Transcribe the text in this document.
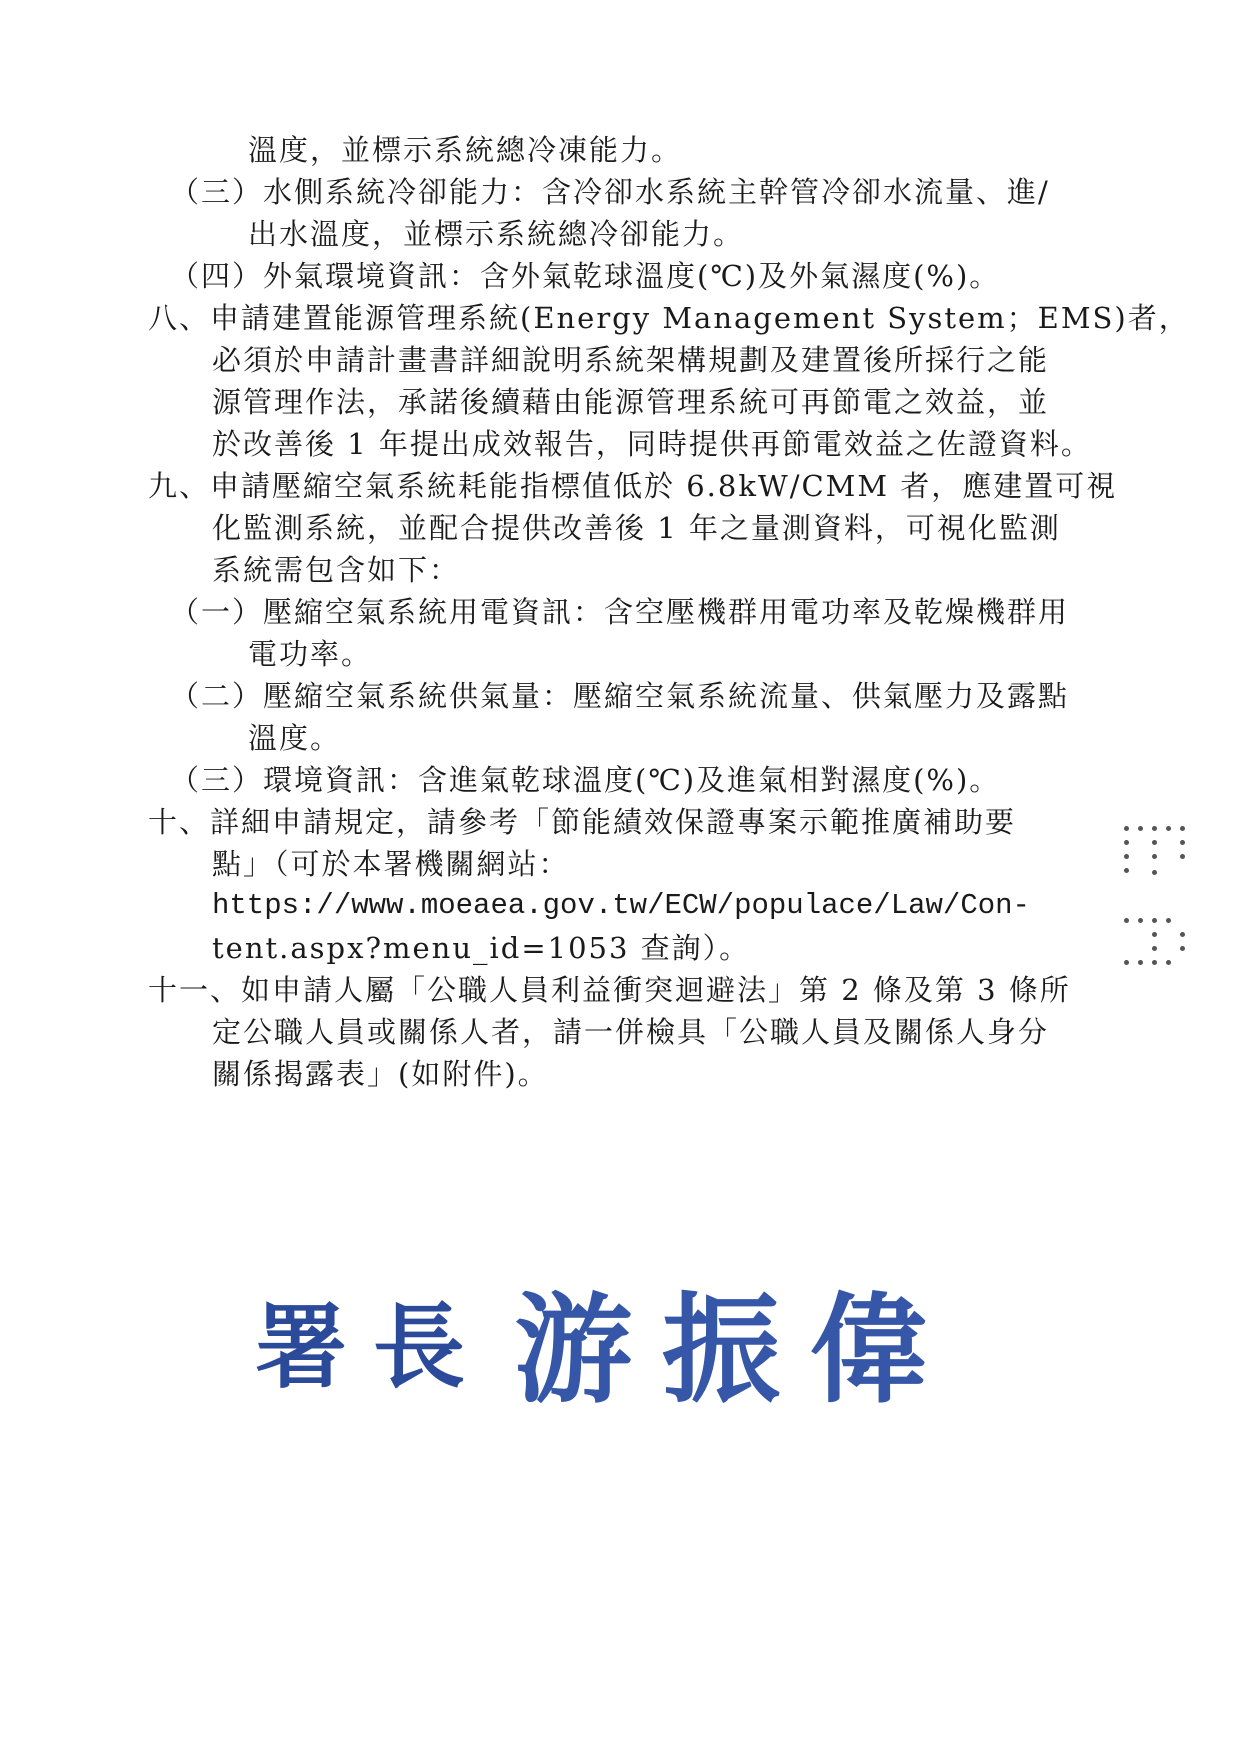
溫度，並標示系統總冷凍能力。
（三）水側系統冷卻能力：含冷卻水系統主幹管冷卻水流量、進/
出水溫度，並標示系統總冷卻能力。
（四）外氣環境資訊：含外氣乾球溫度(℃)及外氣濕度(%)。
八、申請建置能源管理系統(Energy Management System；EMS)者，
必須於申請計畫書詳細說明系統架構規劃及建置後所採行之能
源管理作法，承諾後續藉由能源管理系統可再節電之效益，並
於改善後 1 年提出成效報告，同時提供再節電效益之佐證資料。
九、申請壓縮空氣系統耗能指標值低於 6.8kW/CMM 者，應建置可視
化監測系統，並配合提供改善後 1 年之量測資料，可視化監測
系統需包含如下：
（一）壓縮空氣系統用電資訊：含空壓機群用電功率及乾燥機群用
電功率。
（二）壓縮空氣系統供氣量：壓縮空氣系統流量、供氣壓力及露點
溫度。
（三）環境資訊：含進氣乾球溫度(℃)及進氣相對濕度(%)。
十、詳細申請規定，請參考「節能績效保證專案示範推廣補助要
點」（可於本署機關網站：
https://www.moeaea.gov.tw/ECW/populace/Law/Con-
tent.aspx?menu_id=1053 查詢）。
十一、如申請人屬「公職人員利益衝突迴避法」第 2 條及第 3 條所
定公職人員或關係人者，請一併檢具「公職人員及關係人身分
關係揭露表」(如附件)。
署長 游振偉
